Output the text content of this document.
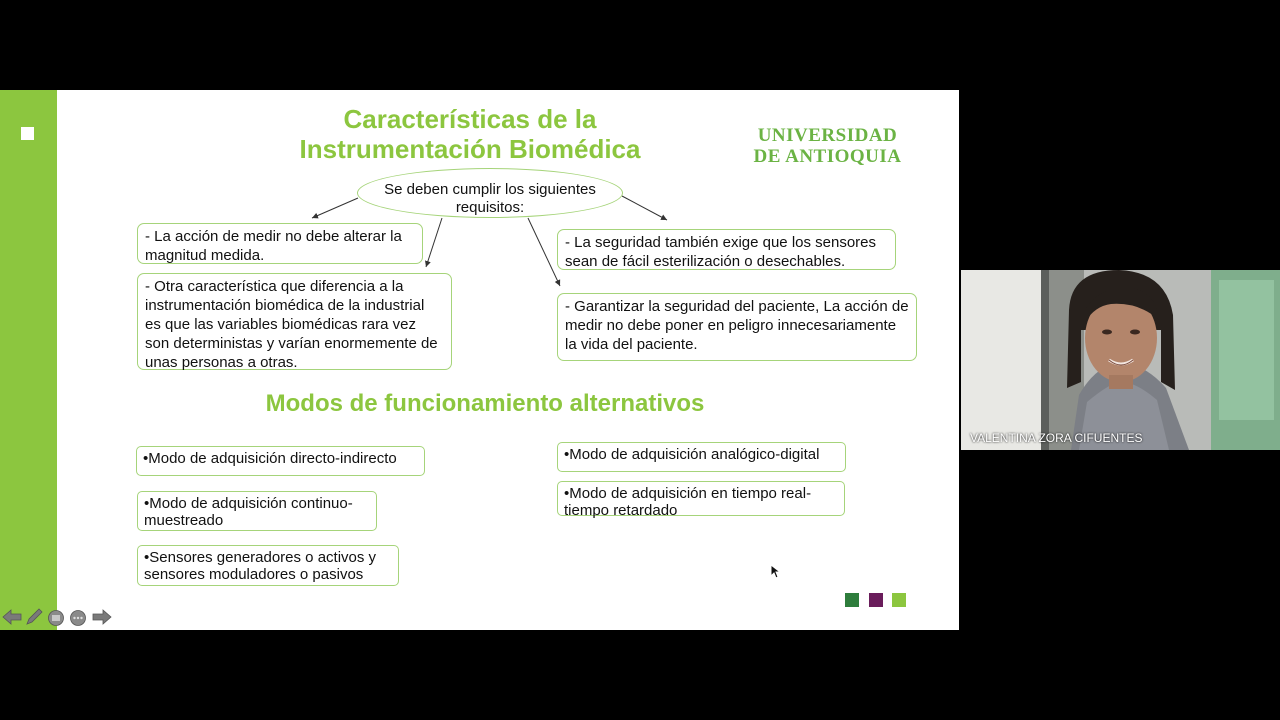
Características de la
Instrumentación Biomédica	UNIVERSIDAD
DE ANTIOQUIA
Se deben cumplir los siguientes requisitos:
- La acción de medir no debe alterar la magnitud medida.
- Otra característica que diferencia a la instrumentación biomédica de la industrial es que las variables biomédicas rara vez son deterministas y varían enormemente de unas personas a otras.
- La seguridad también exige que los sensores sean de fácil esterilización o desechables.
- Garantizar la seguridad del paciente, La acción de medir no debe poner en peligro innecesariamente la vida del paciente.
Modos de funcionamiento alternativos
•Modo de adquisición directo-indirecto
•Modo de adquisición continuo-muestreado
•Sensores generadores o activos y sensores moduladores o pasivos
•Modo de adquisición analógico-digital
•Modo de adquisición en tiempo real-tiempo retardado
VALENTINA ZORA CIFUENTES
